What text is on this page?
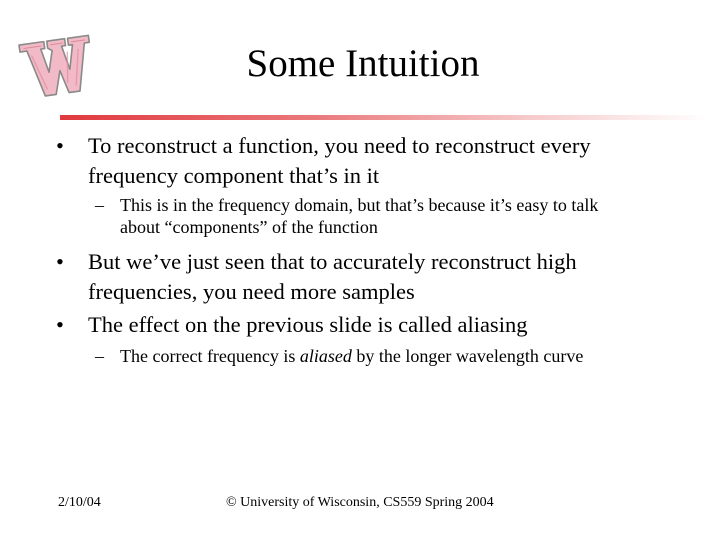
Some Intuition
• To reconstruct a function, you need to reconstruct every
frequency component that’s in it
– This is in the frequency domain, but that’s because it’s easy to talk
about “components” of the function
• But we’ve just seen that to accurately reconstruct high
frequencies, you need more samples
• The effect on the previous slide is called aliasing
– The correct frequency is aliased by the longer wavelength curve
2/10/04	© University of Wisconsin, CS559 Spring 2004
